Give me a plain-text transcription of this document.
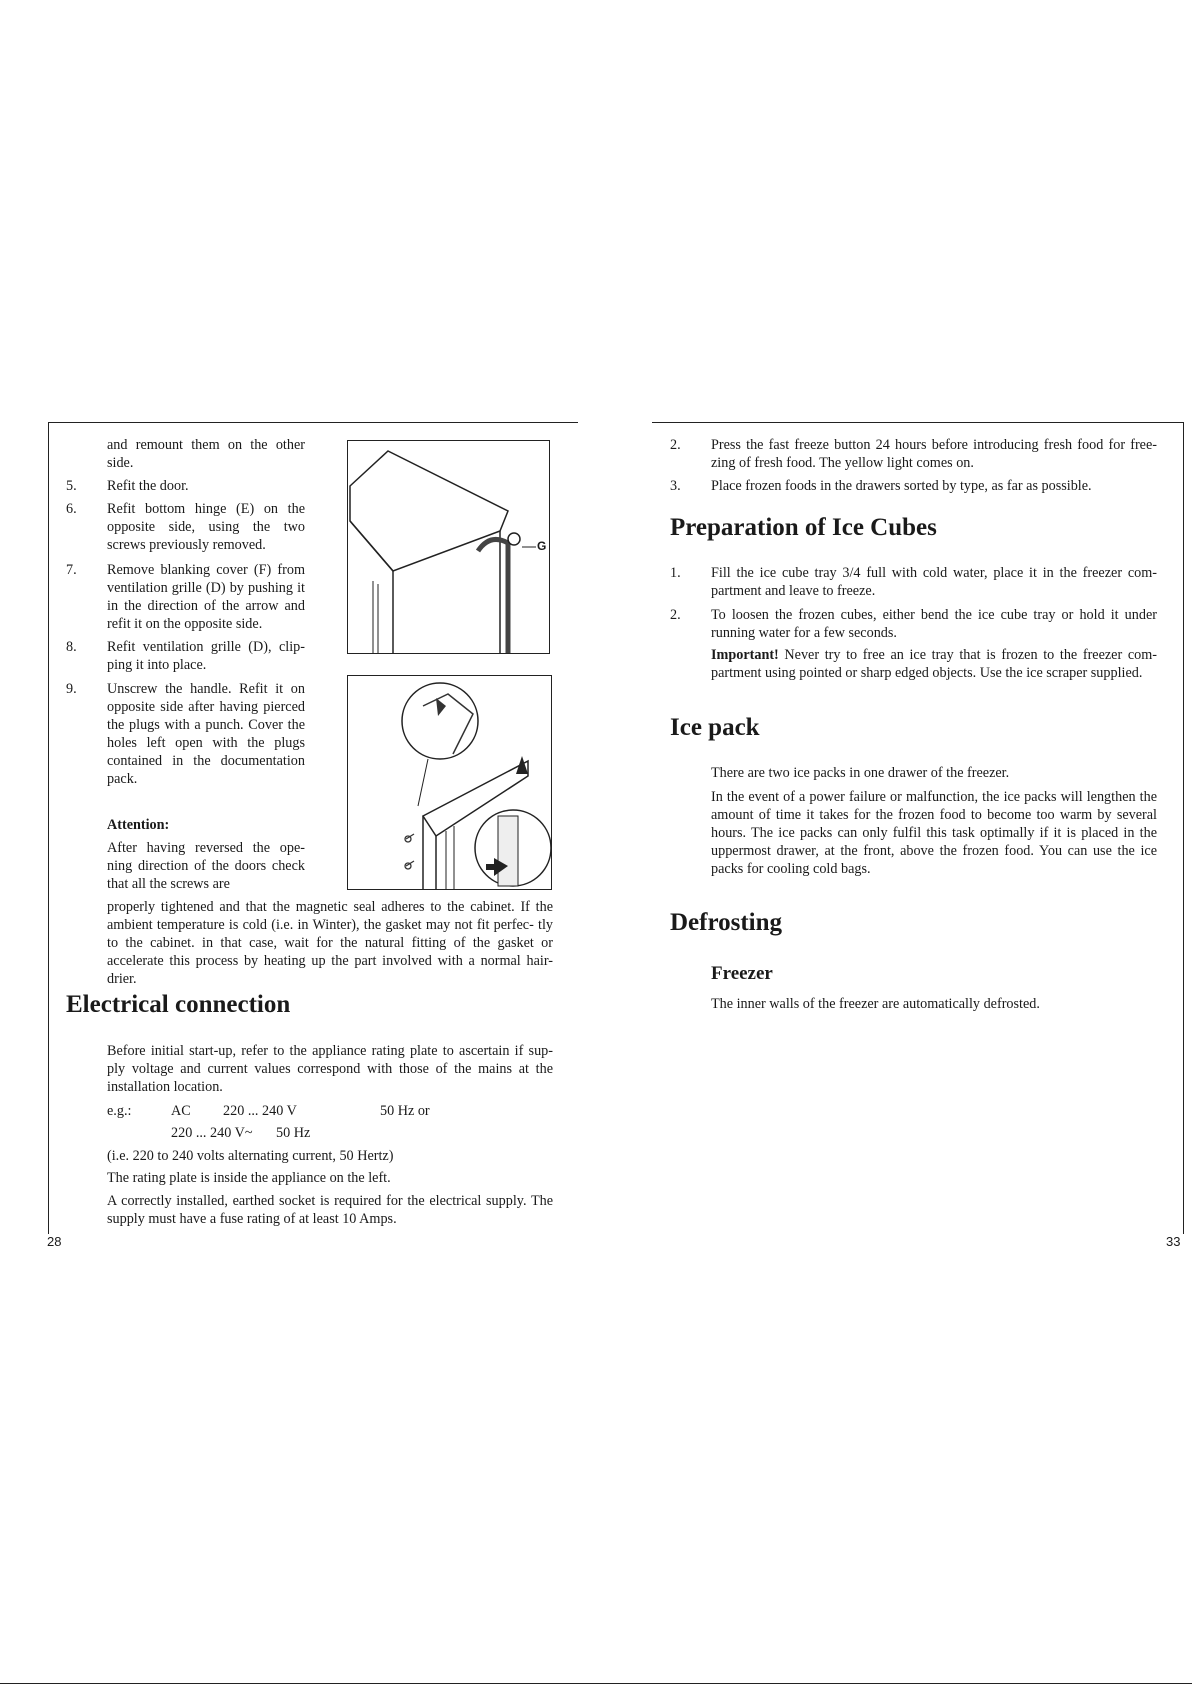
and remount them on the other side.
5. Refit the door.
6. Refit bottom hinge (E) on the opposite side, using the two screws previously removed.
7. Remove blanking cover (F) from ventilation grille (D) by pushing it in the direction of the arrow and refit it on the opposite side.
8. Refit ventilation grille (D), clip- ping it into place.
9. Unscrew the handle. Refit it on opposite side after having pierced the plugs with a punch. Cover the holes left open with the plugs contained in the documentation pack.
Attention:
After having reversed the ope- ning direction of the doors check that all the screws are
properly tightened and that the magnetic seal adheres to the cabinet. If the ambient temperature is cold (i.e. in Winter), the gasket may not fit perfec- tly to the cabinet. in that case, wait for the natural fitting of the gasket or accelerate this process by heating up the part involved with a normal hair- drier.
G
Electrical connection
Before initial start-up, refer to the appliance rating plate to ascertain if sup- ply voltage and current values correspond with those of the mains at the installation location.
e.g.:	AC 220 ... 240 V	50 Hz or
220 ... 240 V~ 50 Hz
(i.e. 220 to 240 volts alternating current, 50 Hertz)
The rating plate is inside the appliance on the left.
A correctly installed, earthed socket is required for the electrical supply. The supply must have a fuse rating of at least 10 Amps.
28
2. Press the fast freeze button 24 hours before introducing fresh food for free- zing of fresh food. The yellow light comes on.
3. Place frozen foods in the drawers sorted by type, as far as possible.
Preparation of Ice Cubes
1. Fill the ice cube tray 3/4 full with cold water, place it in the freezer com- partment and leave to freeze.
2. To loosen the frozen cubes, either bend the ice cube tray or hold it under running water for a few seconds.
Important! Never try to free an ice tray that is frozen to the freezer com- partment using pointed or sharp edged objects. Use the ice scraper supplied.
Ice pack
There are two ice packs in one drawer of the freezer.
In the event of a power failure or malfunction, the ice packs will lengthen the amount of time it takes for the frozen food to become too warm by several hours. The ice packs can only fulfil this task optimally if it is placed in the uppermost drawer, at the front, above the frozen food. You can use the ice packs for cooling cold bags.
Defrosting
Freezer
The inner walls of the freezer are automatically defrosted.
33
